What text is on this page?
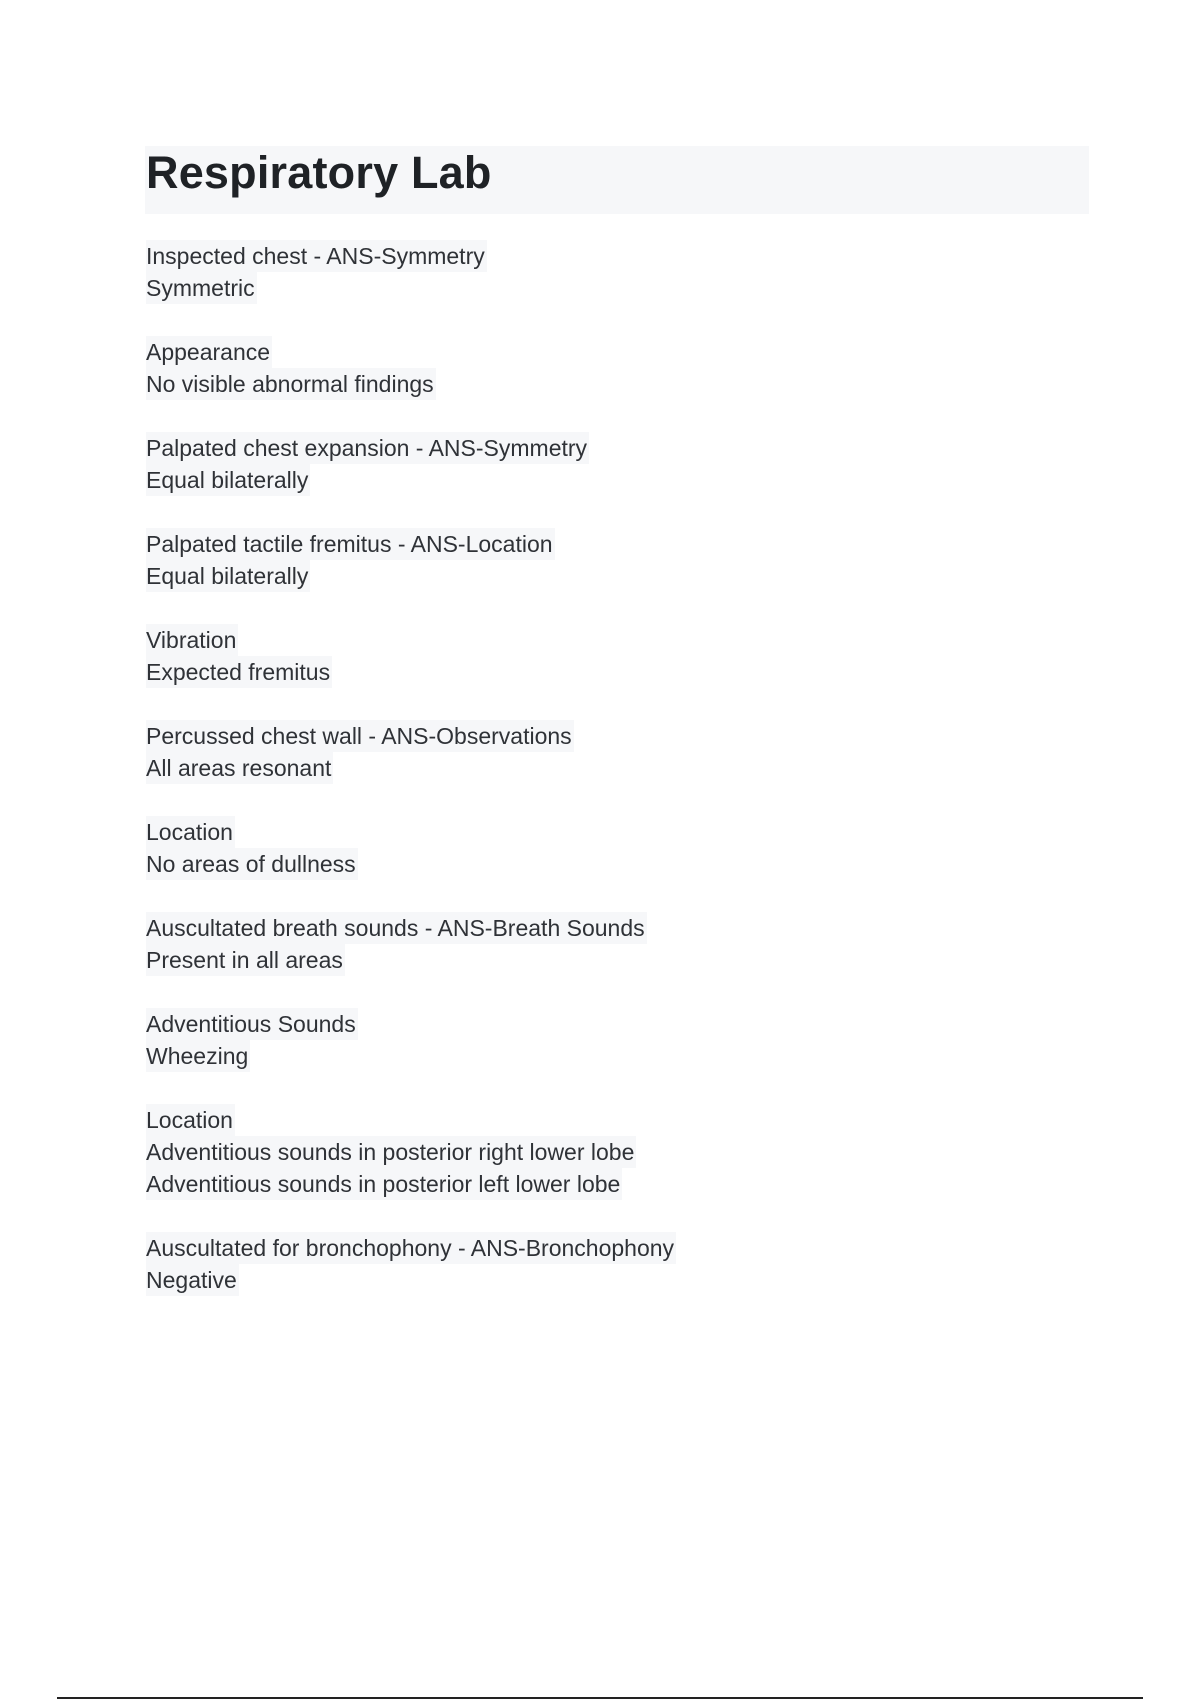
Respiratory Lab
Inspected chest - ANS-Symmetry
Symmetric
Appearance
No visible abnormal findings
Palpated chest expansion - ANS-Symmetry
Equal bilaterally
Palpated tactile fremitus - ANS-Location
Equal bilaterally
Vibration
Expected fremitus
Percussed chest wall - ANS-Observations
All areas resonant
Location
No areas of dullness
Auscultated breath sounds - ANS-Breath Sounds
Present in all areas
Adventitious Sounds
Wheezing
Location
Adventitious sounds in posterior right lower lobe
Adventitious sounds in posterior left lower lobe
Auscultated for bronchophony - ANS-Bronchophony
Negative
